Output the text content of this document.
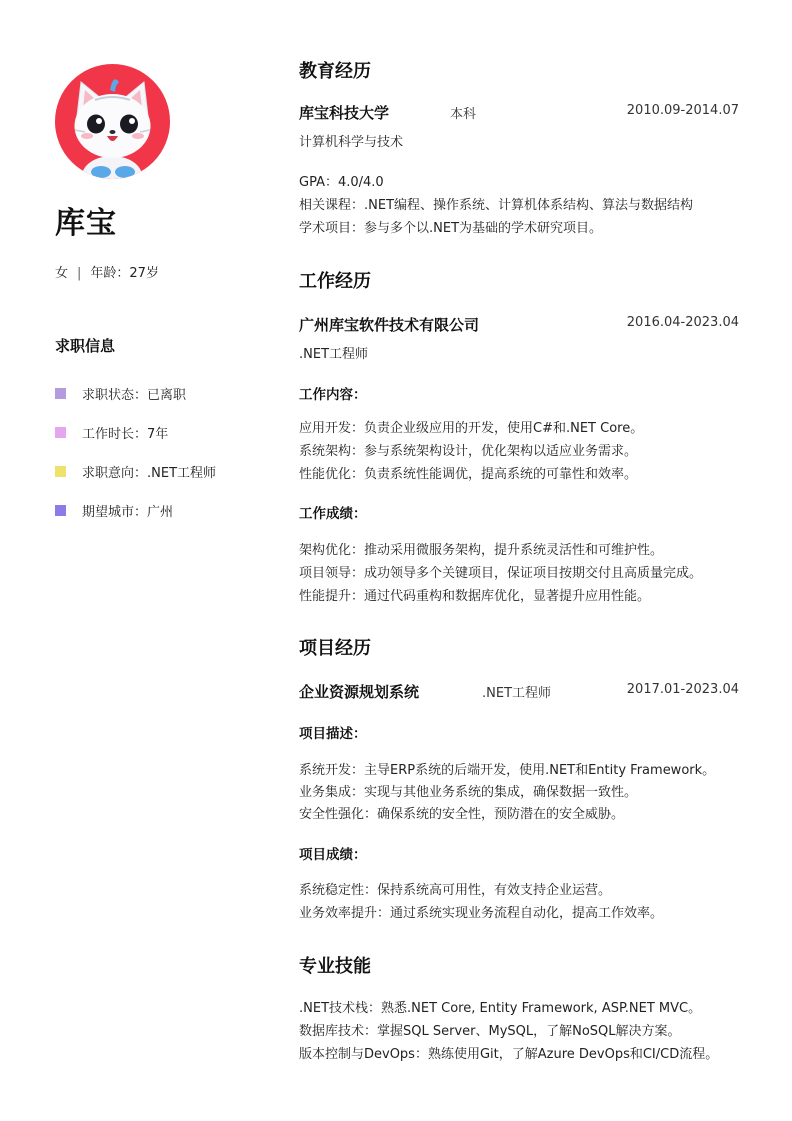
库宝
女 | 年龄：27岁
求职信息
求职状态：已离职
工作时长：7年
求职意向：.NET工程师
期望城市：广州
教育经历
库宝科技大学	本科	2010.09-2014.07
计算机科学与技术
GPA：4.0/4.0
相关课程：.NET编程、操作系统、计算机体系结构、算法与数据结构
学术项目：参与多个以.NET为基础的学术研究项目。
工作经历
广州库宝软件技术有限公司	2016.04-2023.04
.NET工程师
工作内容：
应用开发：负责企业级应用的开发，使用C#和.NET Core。
系统架构：参与系统架构设计，优化架构以适应业务需求。
性能优化：负责系统性能调优，提高系统的可靠性和效率。
工作成绩：
架构优化：推动采用微服务架构，提升系统灵活性和可维护性。
项目领导：成功领导多个关键项目，保证项目按期交付且高质量完成。
性能提升：通过代码重构和数据库优化，显著提升应用性能。
项目经历
企业资源规划系统	.NET工程师	2017.01-2023.04
项目描述：
系统开发：主导ERP系统的后端开发，使用.NET和Entity Framework。
业务集成：实现与其他业务系统的集成，确保数据一致性。
安全性强化：确保系统的安全性，预防潜在的安全威胁。
项目成绩：
系统稳定性：保持系统高可用性，有效支持企业运营。
业务效率提升：通过系统实现业务流程自动化，提高工作效率。
专业技能
.NET技术栈：熟悉.NET Core, Entity Framework, ASP.NET MVC。
数据库技术：掌握SQL Server、MySQL，了解NoSQL解决方案。
版本控制与DevOps：熟练使用Git，了解Azure DevOps和CI/CD流程。
